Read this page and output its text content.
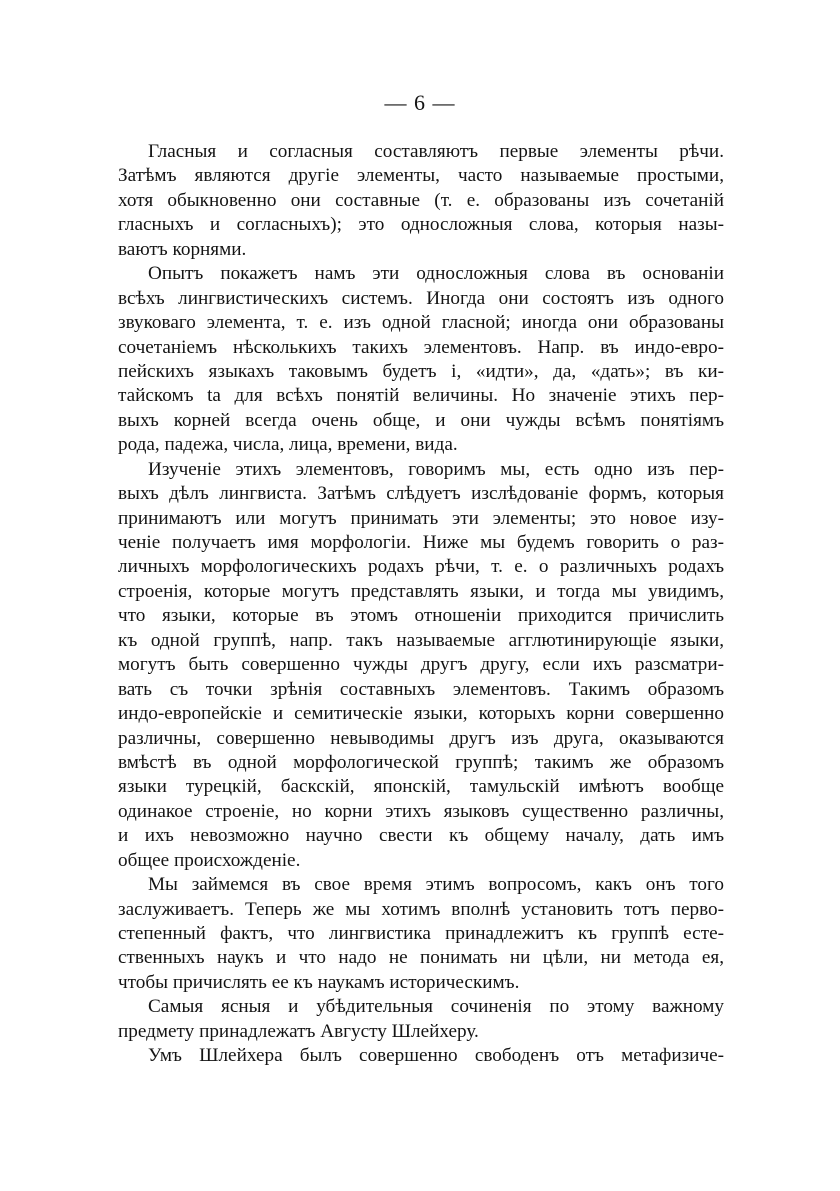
— 6 —
Гласныя и согласныя составляютъ первые элементы рѣчи.
Затѣмъ являются другіе элементы, часто называемые простыми,
хотя обыкновенно они составные (т. е. образованы изъ сочетаній
гласныхъ и согласныхъ); это односложныя слова, которыя назы-
ваютъ корнями.
Опытъ покажетъ намъ эти односложныя слова въ основаніи
всѣхъ лингвистическихъ системъ. Иногда они состоятъ изъ одного
звуковаго элемента, т. е. изъ одной гласной; иногда они образованы
сочетаніемъ нѣсколькихъ такихъ элементовъ. Напр. въ индо-евро-
пейскихъ языкахъ таковымъ будетъ і, «идти», да, «дать»; въ ки-
тайскомъ ta для всѣхъ понятій величины. Но значеніе этихъ пер-
выхъ корней всегда очень обще, и они чужды всѣмъ понятіямъ
рода, падежа, числа, лица, времени, вида.
Изученіе этихъ элементовъ, говоримъ мы, есть одно изъ пер-
выхъ дѣлъ лингвиста. Затѣмъ слѣдуетъ изслѣдованіе формъ, которыя
принимаютъ или могутъ принимать эти элементы; это новое изу-
ченіе получаетъ имя морфологіи. Ниже мы будемъ говорить о раз-
личныхъ морфологическихъ родахъ рѣчи, т. е. о различныхъ родахъ
строенія, которые могутъ представлять языки, и тогда мы увидимъ,
что языки, которые въ этомъ отношеніи приходится причислить
къ одной группѣ, напр. такъ называемые агглютинирующіе языки,
могутъ быть совершенно чужды другъ другу, если ихъ разсматри-
вать съ точки зрѣнія составныхъ элементовъ. Такимъ образомъ
индо-европейскіе и семитическіе языки, которыхъ корни совершенно
различны, совершенно невыводимы другъ изъ друга, оказываются
вмѣстѣ въ одной морфологической группѣ; такимъ же образомъ
языки турецкій, баскскій, японскій, тамульскій имѣютъ вообще
одинакое строеніе, но корни этихъ языковъ существенно различны,
и ихъ невозможно научно свести къ общему началу, дать имъ
общее происхожденіе.
Мы займемся въ свое время этимъ вопросомъ, какъ онъ того
заслуживаетъ. Теперь же мы хотимъ вполнѣ установить тотъ перво-
степенный фактъ, что лингвистика принадлежитъ къ группѣ есте-
ственныхъ наукъ и что надо не понимать ни цѣли, ни метода ея,
чтобы причислять ее къ наукамъ историческимъ.
Самыя ясныя и убѣдительныя сочиненія по этому важному
предмету принадлежатъ Августу Шлейхеру.
Умъ Шлейхера былъ совершенно свободенъ отъ метафизиче-
